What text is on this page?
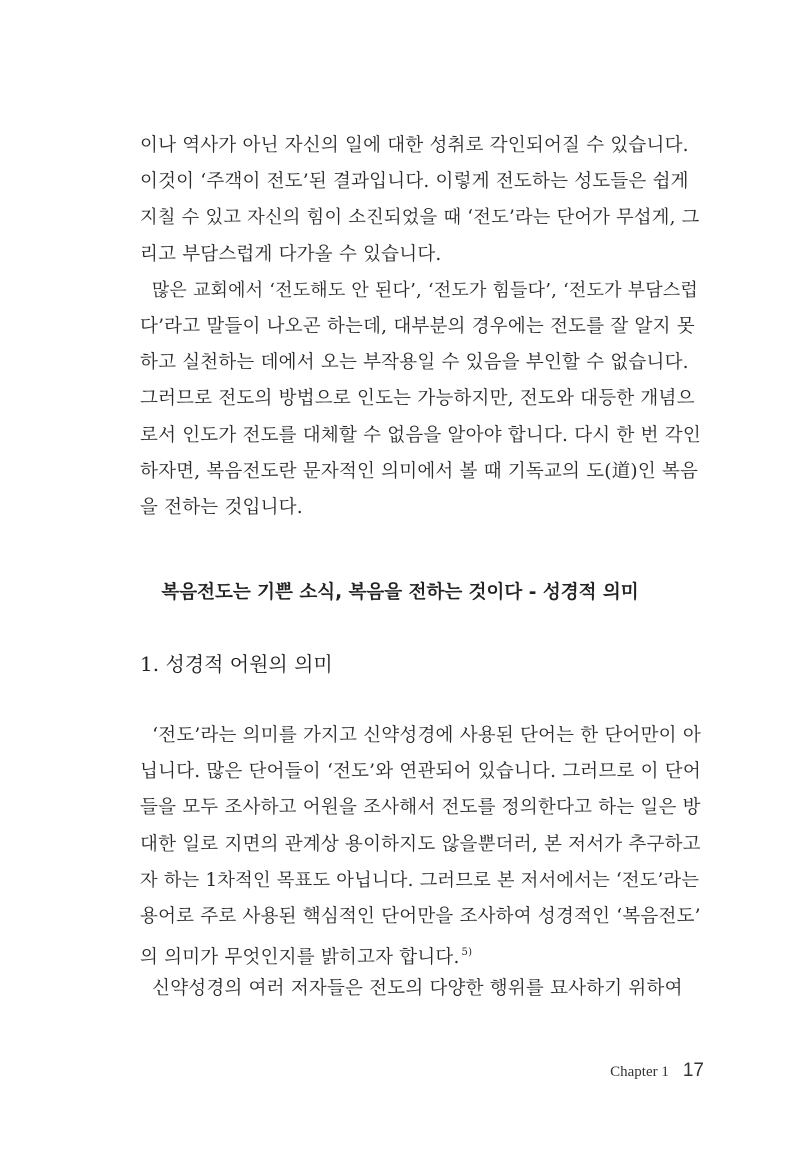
이나 역사가 아닌 자신의 일에 대한 성취로 각인되어질 수 있습니다.
이것이 ‘주객이 전도’된 결과입니다. 이렇게 전도하는 성도들은 쉽게
지칠 수 있고 자신의 힘이 소진되었을 때 ‘전도’라는 단어가 무섭게, 그
리고 부담스럽게 다가올 수 있습니다.
많은 교회에서 ‘전도해도 안 된다’, ‘전도가 힘들다’, ‘전도가 부담스럽
다’라고 말들이 나오곤 하는데, 대부분의 경우에는 전도를 잘 알지 못
하고 실천하는 데에서 오는 부작용일 수 있음을 부인할 수 없습니다.
그러므로 전도의 방법으로 인도는 가능하지만, 전도와 대등한 개념으
로서 인도가 전도를 대체할 수 없음을 알아야 합니다. 다시 한 번 각인
하자면, 복음전도란 문자적인 의미에서 볼 때 기독교의 도(道)인 복음
을 전하는 것입니다.
복음전도는 기쁜 소식, 복음을 전하는 것이다 - 성경적 의미
1. 성경적 어원의 의미
‘전도’라는 의미를 가지고 신약성경에 사용된 단어는 한 단어만이 아
닙니다. 많은 단어들이 ‘전도’와 연관되어 있습니다. 그러므로 이 단어
들을 모두 조사하고 어원을 조사해서 전도를 정의한다고 하는 일은 방
대한 일로 지면의 관계상 용이하지도 않을뿐더러, 본 저서가 추구하고
자 하는 1차적인 목표도 아닙니다. 그러므로 본 저서에서는 ‘전도’라는
용어로 주로 사용된 핵심적인 단어만을 조사하여 성경적인 ‘복음전도’
의 의미가 무엇인지를 밝히고자 합니다. $^{5)}$
신약성경의 여러 저자들은 전도의 다양한 행위를 묘사하기 위하여
Chapter 1 17
